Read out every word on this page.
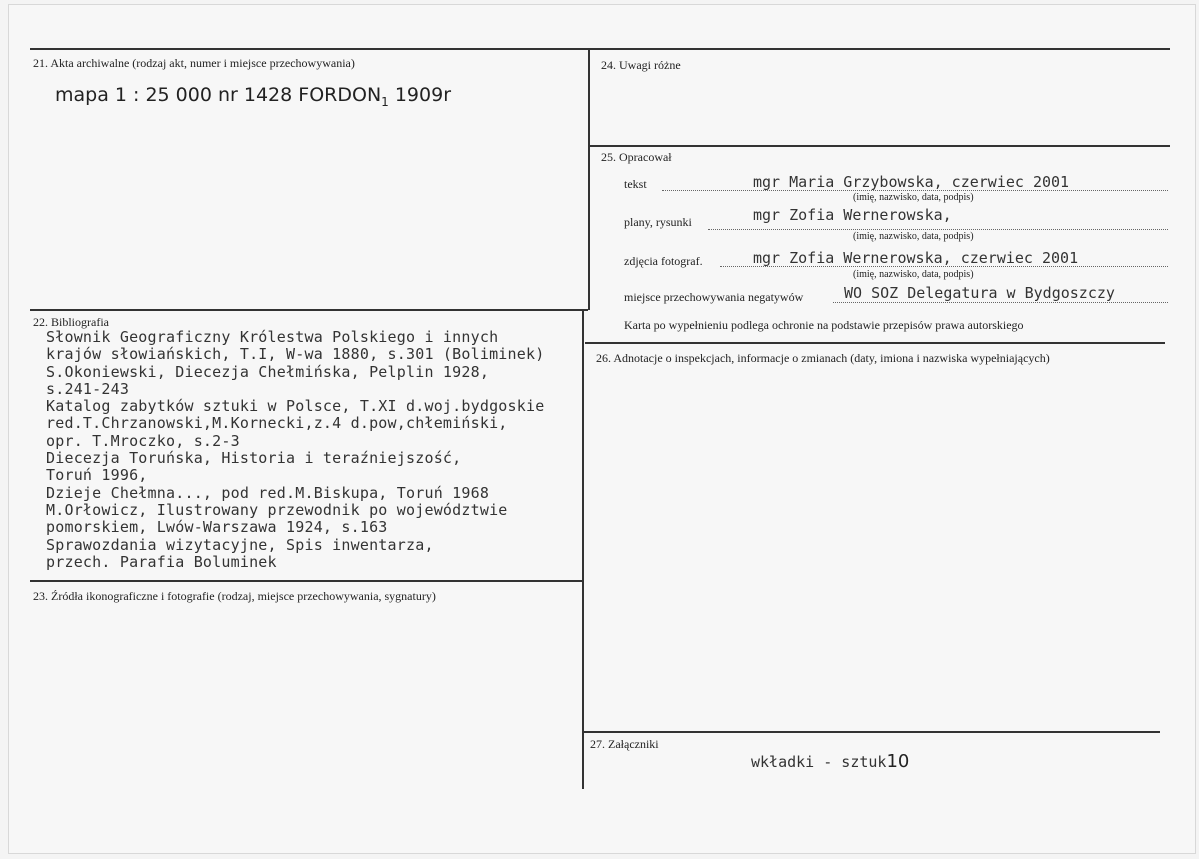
21. Akta archiwalne (rodzaj akt, numer i miejsce przechowywania)
mapa 1 : 25 000 nr 1428 $FORDON_1$ 1909r
22. Bibliografia
Słownik Geograficzny Królestwa Polskiego i innych
krajów słowiańskich, T.I, W-wa 1880, s.301 (Boliminek)
S.Okoniewski, Diecezja Chełmińska, Pelplin 1928,
s.241-243
Katalog zabytków sztuki w Polsce, T.XI d.woj.bydgoskie
red.T.Chrzanowski,M.Kornecki,z.4 d.pow,chłemiński,
opr. T.Mroczko, s.2-3
Diecezja Toruńska, Historia i teraźniejszość,
Toruń 1996,
Dzieje Chełmna..., pod red.M.Biskupa, Toruń 1968
M.Orłowicz, Ilustrowany przewodnik po województwie
pomorskiem, Lwów-Warszawa 1924, s.163
Sprawozdania wizytacyjne, Spis inwentarza,
przech. Parafia Boluminek
23. Źródła ikonograficzne i fotografie (rodzaj, miejsce przechowywania, sygnatury)
24. Uwagi różne
25. Opracował
tekst	mgr Maria Grzybowska, czerwiec 2001
(imię, nazwisko, data, podpis)
plany, rysunki	mgr Zofia Wernerowska,
(imię, nazwisko, data, podpis)
zdjęcia fotograf.	mgr Zofia Wernerowska, czerwiec 2001
(imię, nazwisko, data, podpis)
miejsce przechowywania negatywów	WO SOZ Delegatura w Bydgoszczy
Karta po wypełnieniu podlega ochronie na podstawie przepisów prawa autorskiego
26. Adnotacje o inspekcjach, informacje o zmianach (daty, imiona i nazwiska wypełniających)
27. Załączniki
wkładki - sztuk10
